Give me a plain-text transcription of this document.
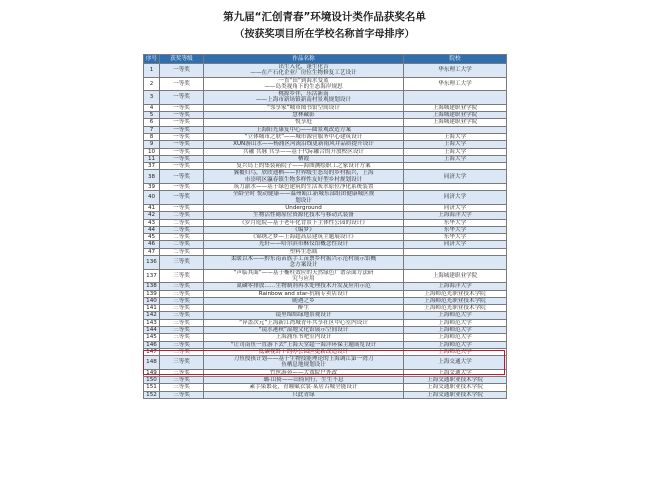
第九届“汇创青春”环境设计类作品获奖名单
（按获奖项目所在学校名称首字母排序）
序号	获奖等级	作品名称	院校
1	一等奖	出生入化，蓬生化吉
——在产石化企业厂房位生物修复工艺设计	华东理工大学
2	一等奖	一直“田”到海水变蓝
——岛类视角下的生态海岸规思	华东理工大学
3	一等奖	桃源乡伴，乐活新南
——上海市新场镇新南村景观规划设计	
4	一等奖	“邻享家”城市图书馆空间设计	上海城建职业学院
5	一等奖	慧林藏影	上海城建职业学院
6	一等奖	悦享庭	上海城建职业学院
7	一等奖	上海阳光康复中心——圆景观改造方案	
8	一等奖	“立体城市之肤”——城市源营服务中心建筑设计	上海大学
9	一等奖	XUN游山水——杨浦区河流沿线更新雨风并品质提升设计	上海大学
10	一等奖	共融 共脉 共享——基于代际融合的开放校区设计	上海大学
11	一等奖	栖霞	上海大学
37	一等奖	复兴岛上的集装箱院子——海图测绘职工之家设计方案	
38	一等奖	翼覆归鸟，欣欣迪栖——世界级生态岛的乡村振兴，上海
市崇明区瀛春镇生物多样性友好型乡村规划设计	同济大学
39	一等奖	筑力渝水——基于绿色建筑的生活灰水原位净化系统装置	
40	一等奖	全龄全时 悦动健康——温州瓯江新城东部组团健康城区规
划设计	同济大学
41	一等奖	Underground	同济大学
42	二等奖	生物活性砌原位资源化技术与移动式装备	上海海洋大学
43	二等奖	《岁月庭院—基于老年化背景下主体性公园的设计》	东华大学
44	二等奖	《编梦》	东华大学
45	二等奖	《锦绣之梦—上海超高层建筑主题展设计》	东华大学
46	二等奖	光轩——哈尔滨市酥仪馆概念性设计	同济大学
47	二等奖	塑料生态瓶	
136	三等奖	柔暖以木——黔东南苗族手工苗票乡村振兴示范村展示馆概
念方案设计	
137	三等奖	“声临其面”——基于椭柱效应的天然绿色广谱杂面方法研
究与应用	上海城建职业学院
138	三等奖	氮磷零排放……生物制剂再水处理技术开发及应用示范	上海海洋大学
139	三等奖	Rainbow and star-抗痛专卖店设计	上海师范光职业技术学院
140	三等奖	随遇之乡	上海师范光职业技术学院
141	三等奖	醉生	上海师范光职业技术学院
142	三等奖	镜里绵绵绿地景观设计	上海师范大学
143	三等奖	“异盖次元”上海新江湾城青年共享社区中心室内设计	上海师范大学
144	三等奖	“镜水港秋”湿地文化馆展示空间设计	上海师范大学
145	三等奖	上海浦东书吧室内设计	上海师范大学
146	三等奖	“让司南鱼一直游下去”上海天堂超一海洋环保主题展览设计	上海师范大学
147	三等奖	低碳视野下的办公园区更新改造设计	上海师范大学
148	三等奖	刀鱼授孩计划——基于生物技能理论的上海调江第一湾刀
鱼栖息地规划设计	上海交通大学
149	三等奖	竹丝游苑——大戏院户外改	上海交通大学
150	三等奖	璐·山倚——山倚同行，生生不息	上海交通职业技术学院
151	三等奖	素手染繁花，青瞳赋衣裳·某居古城全能设计	上海交通职业技术学院
152	三等奖	只此青绿	上海交通职业技术学院
